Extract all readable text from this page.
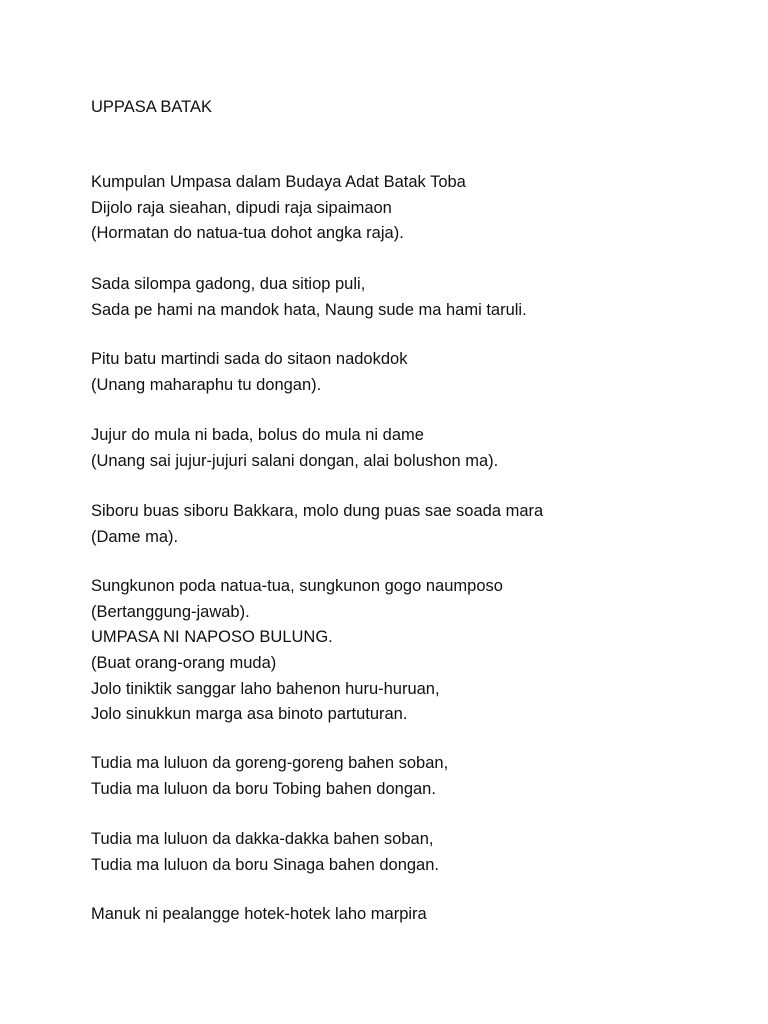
UPPASA BATAK
Kumpulan Umpasa dalam Budaya Adat Batak Toba
Dijolo raja sieahan, dipudi raja sipaimaon
(Hormatan do natua-tua dohot angka raja).
Sada silompa gadong, dua sitiop puli,
Sada pe hami na mandok hata, Naung sude ma hami taruli.
Pitu batu martindi sada do sitaon nadokdok
(Unang maharaphu tu dongan).
Jujur do mula ni bada, bolus do mula ni dame
(Unang sai jujur-jujuri salani dongan, alai bolushon ma).
Siboru buas siboru Bakkara, molo dung puas sae soada mara
(Dame ma).
Sungkunon poda natua-tua, sungkunon gogo naumposo
(Bertanggung-jawab).
UMPASA NI NAPOSO BULUNG.
(Buat orang-orang muda)
Jolo tiniktik sanggar laho bahenon huru-huruan,
Jolo sinukkun marga asa binoto partuturan.
Tudia ma luluon da goreng-goreng bahen soban,
Tudia ma luluon da boru Tobing bahen dongan.
Tudia ma luluon da dakka-dakka bahen soban,
Tudia ma luluon da boru Sinaga bahen dongan.
Manuk ni pealangge hotek-hotek laho marpira
